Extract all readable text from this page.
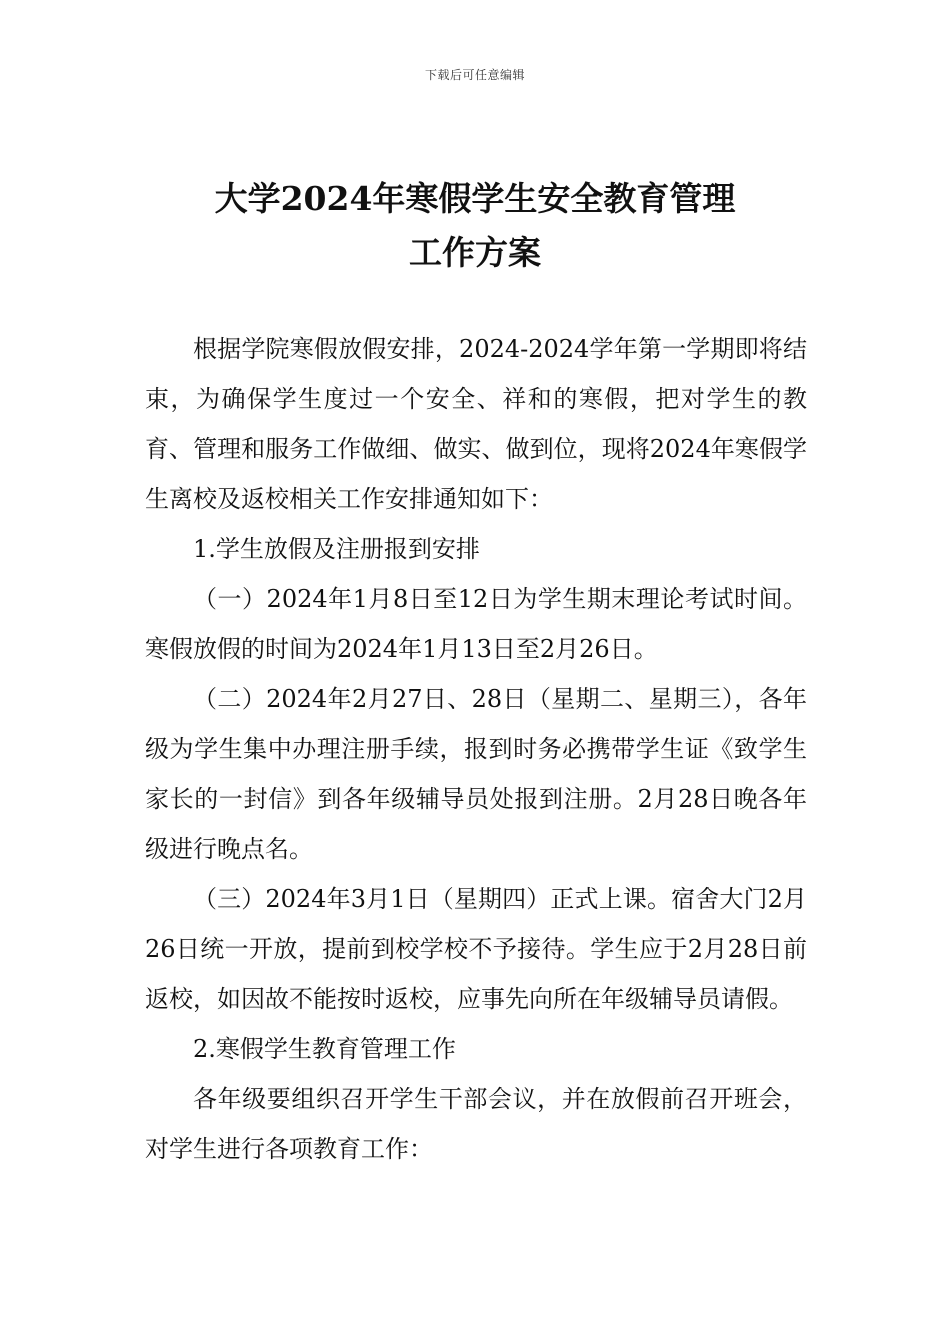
下载后可任意编辑
大学2024年寒假学生安全教育管理
工作方案

根据学院寒假放假安排，2024-2024学年第一学期即将结束，为确保学生度过一个安全、祥和的寒假，把对学生的教育、管理和服务工作做细、做实、做到位，现将2024年寒假学生离校及返校相关工作安排通知如下：

1.学生放假及注册报到安排

（一）2024年1月8日至12日为学生期末理论考试时间。寒假放假的时间为2024年1月13日至2月26日。

（二）2024年2月27日、28日（星期二、星期三），各年级为学生集中办理注册手续，报到时务必携带学生证《致学生家长的一封信》到各年级辅导员处报到注册。2月28日晚各年级进行晚点名。

（三）2024年3月1日（星期四）正式上课。宿舍大门2月26日统一开放，提前到校学校不予接待。学生应于2月28日前返校，如因故不能按时返校，应事先向所在年级辅导员请假。

2.寒假学生教育管理工作

各年级要组织召开学生干部会议，并在放假前召开班会，对学生进行各项教育工作：
